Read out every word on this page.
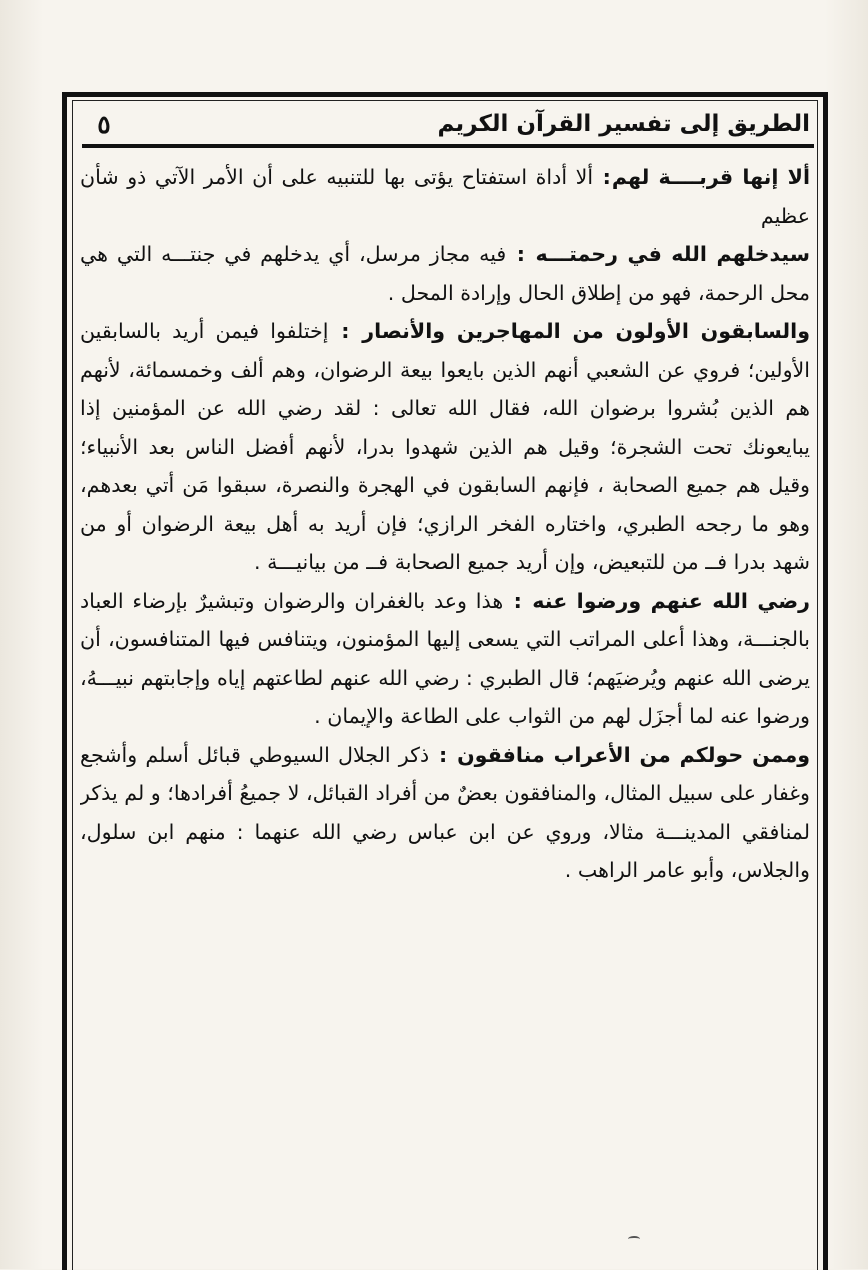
الطريق إلى تفسير القرآن الكريم
٥

ألا إنها قربــــة لهم: ألا أداة استفتاح يؤتى بها للتنبيه على أن الأمر الآتي ذو شأن عظيم

سيدخلهم الله في رحمتـــه : فيه مجاز مرسل، أي يدخلهم في جنتـــه التي هي محل الرحمة، فهو من إطلاق الحال وإرادة المحل .

والسابقون الأولون من المهاجرين والأنصار : إختلفوا فيمن أريد بالسابقين الأولين؛ فروي عن الشعبي أنهم الذين بايعوا بيعة الرضوان، وهم ألف وخمسمائة، لأنهم هم الذين بُشروا برضوان الله، فقال الله تعالى : لقد رضي الله عن المؤمنين إذا يبايعونك تحت الشجرة؛ وقيل هم الذين شهدوا بدرا، لأنهم أفضل الناس بعد الأنبياء؛ وقيل هم جميع الصحابة ، فإنهم السابقون في الهجرة والنصرة، سبقوا مَن أتي بعدهم، وهو ما رجحه الطبري، واختاره الفخر الرازي؛ فإن أريد به أهل بيعة الرضوان أو من شهد بدرا فــ من للتبعيض، وإن أريد جميع الصحابة فــ من بيانيـــة .

رضي الله عنهم ورضوا عنه : هذا وعد بالغفران والرضوان وتبشيرٌ بإرضاء العباد بالجنـــة، وهذا أعلى المراتب التي يسعى إليها المؤمنون، ويتنافس فيها المتنافسون، أن يرضى الله عنهم ويُرضيَهم؛ قال الطبري : رضي الله عنهم لطاعتهم إياه وإجابتهم نبيـــهُ، ورضوا عنه لما أجزَل لهم من الثواب على الطاعة والإيمان .

وممن حولكم من الأعراب منافقون : ذكر الجلال السيوطي قبائل أسلم وأشجع وغفار على سبيل المثال، والمنافقون بعضٌ من أفراد القبائل، لا جميعُ أفرادها؛ و لم يذكر لمنافقي المدينـــة مثالا، وروي عن ابن عباس رضي الله عنهما : منهم ابن سلول، والجلاس، وأبو عامر الراهب .
